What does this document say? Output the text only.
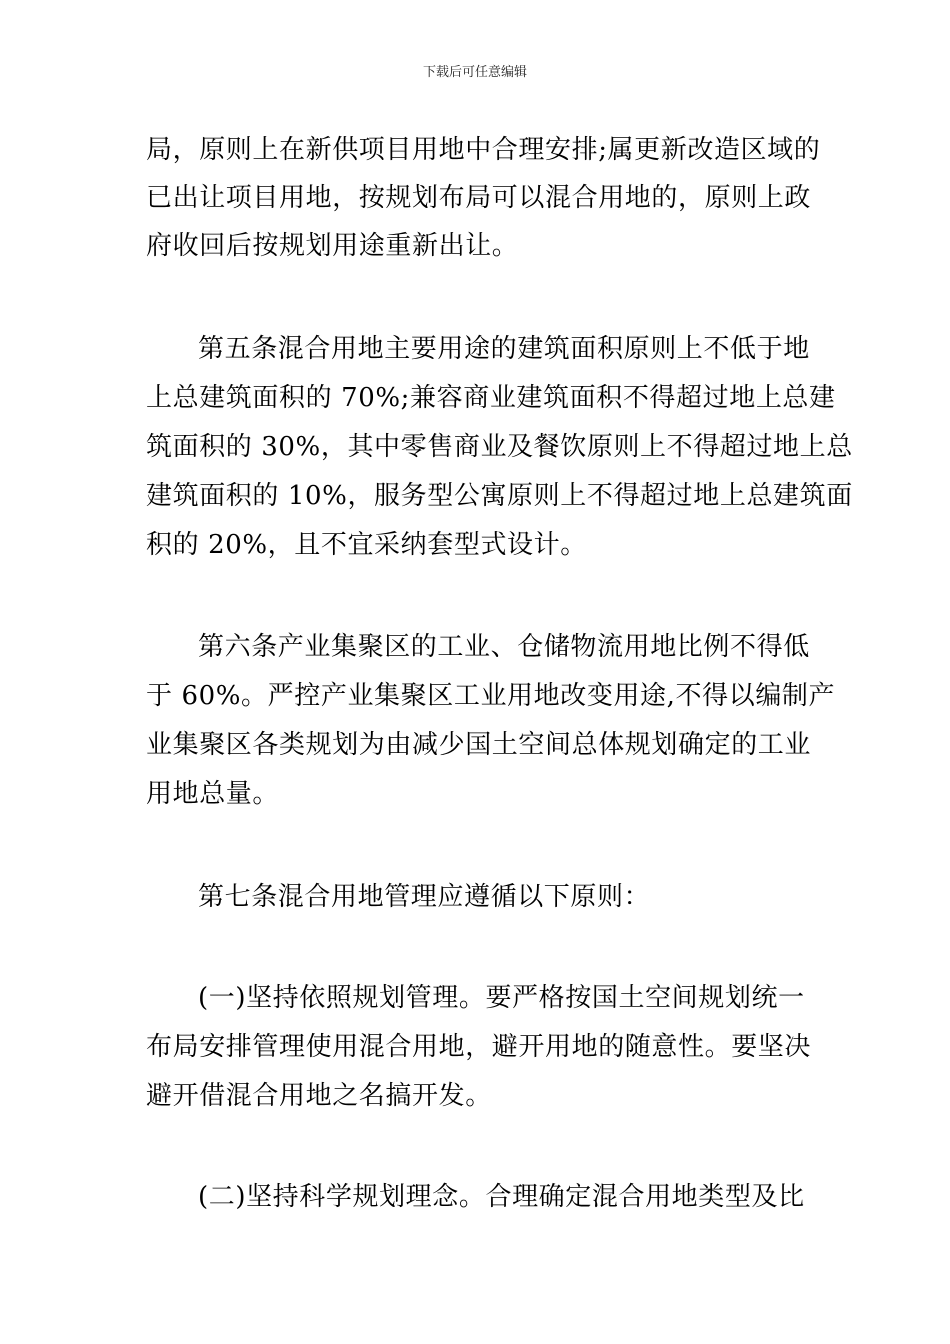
下载后可任意编辑
局，原则上在新供项目用地中合理安排;属更新改造区域的
已出让项目用地，按规划布局可以混合用地的，原则上政
府收回后按规划用途重新出让。
第五条混合用地主要用途的建筑面积原则上不低于地
上总建筑面积的 70%;兼容商业建筑面积不得超过地上总建
筑面积的 30%，其中零售商业及餐饮原则上不得超过地上总
建筑面积的 10%，服务型公寓原则上不得超过地上总建筑面
积的 20%，且不宜采纳套型式设计。
第六条产业集聚区的工业、仓储物流用地比例不得低
于 60%。严控产业集聚区工业用地改变用途,不得以编制产
业集聚区各类规划为由减少国土空间总体规划确定的工业
用地总量。
第七条混合用地管理应遵循以下原则：
(一)坚持依照规划管理。要严格按国土空间规划统一
布局安排管理使用混合用地，避开用地的随意性。要坚决
避开借混合用地之名搞开发。
(二)坚持科学规划理念。合理确定混合用地类型及比
